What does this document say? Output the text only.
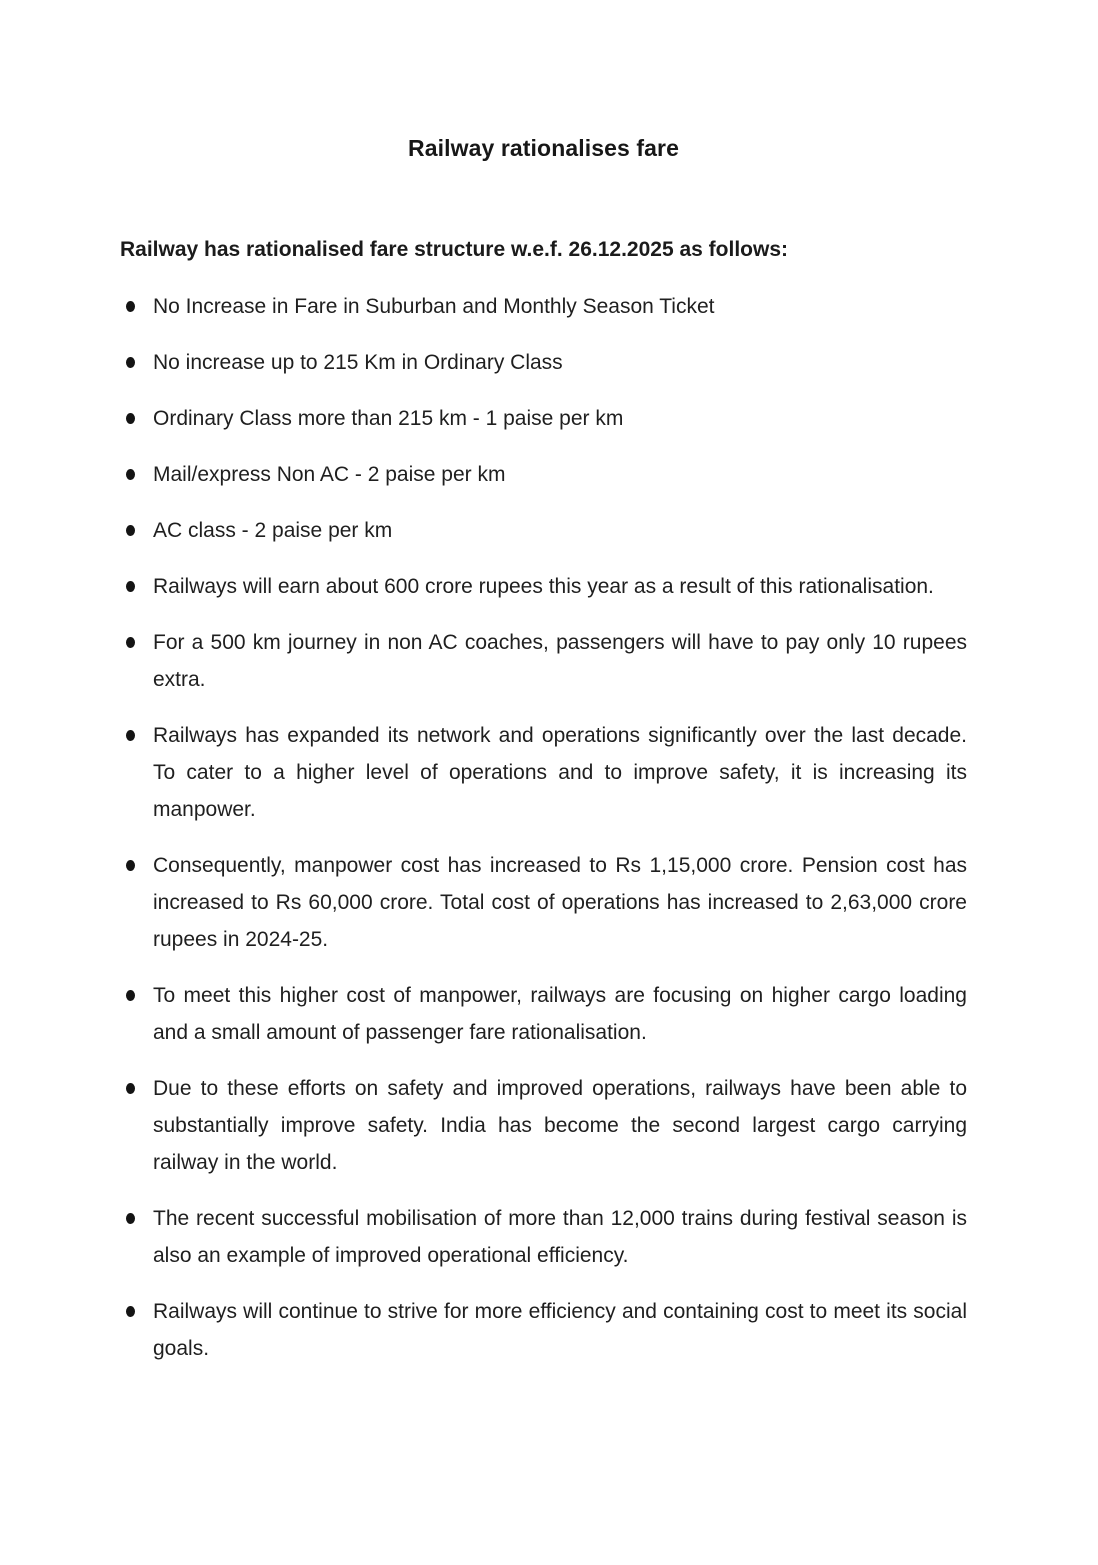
Railway rationalises fare

Railway has rationalised fare structure w.e.f. 26.12.2025 as follows:

No Increase in Fare in Suburban and Monthly Season Ticket
No increase up to 215 Km in Ordinary Class
Ordinary Class more than 215 km - 1 paise per km
Mail/express Non AC - 2 paise per km
AC class - 2 paise per km
Railways will earn about 600 crore rupees this year as a result of this rationalisation.
For a 500 km journey in non AC coaches, passengers will have to pay only 10 rupees extra.
Railways has expanded its network and operations significantly over the last decade. To cater to a higher level of operations and to improve safety, it is increasing its manpower.
Consequently, manpower cost has increased to Rs 1,15,000 crore. Pension cost has increased to Rs 60,000 crore. Total cost of operations has increased to 2,63,000 crore rupees in 2024-25.
To meet this higher cost of manpower, railways are focusing on higher cargo loading and a small amount of passenger fare rationalisation.
Due to these efforts on safety and improved operations, railways have been able to substantially improve safety. India has become the second largest cargo carrying railway in the world.
The recent successful mobilisation of more than 12,000 trains during festival season is also an example of improved operational efficiency.
Railways will continue to strive for more efficiency and containing cost to meet its social goals.
